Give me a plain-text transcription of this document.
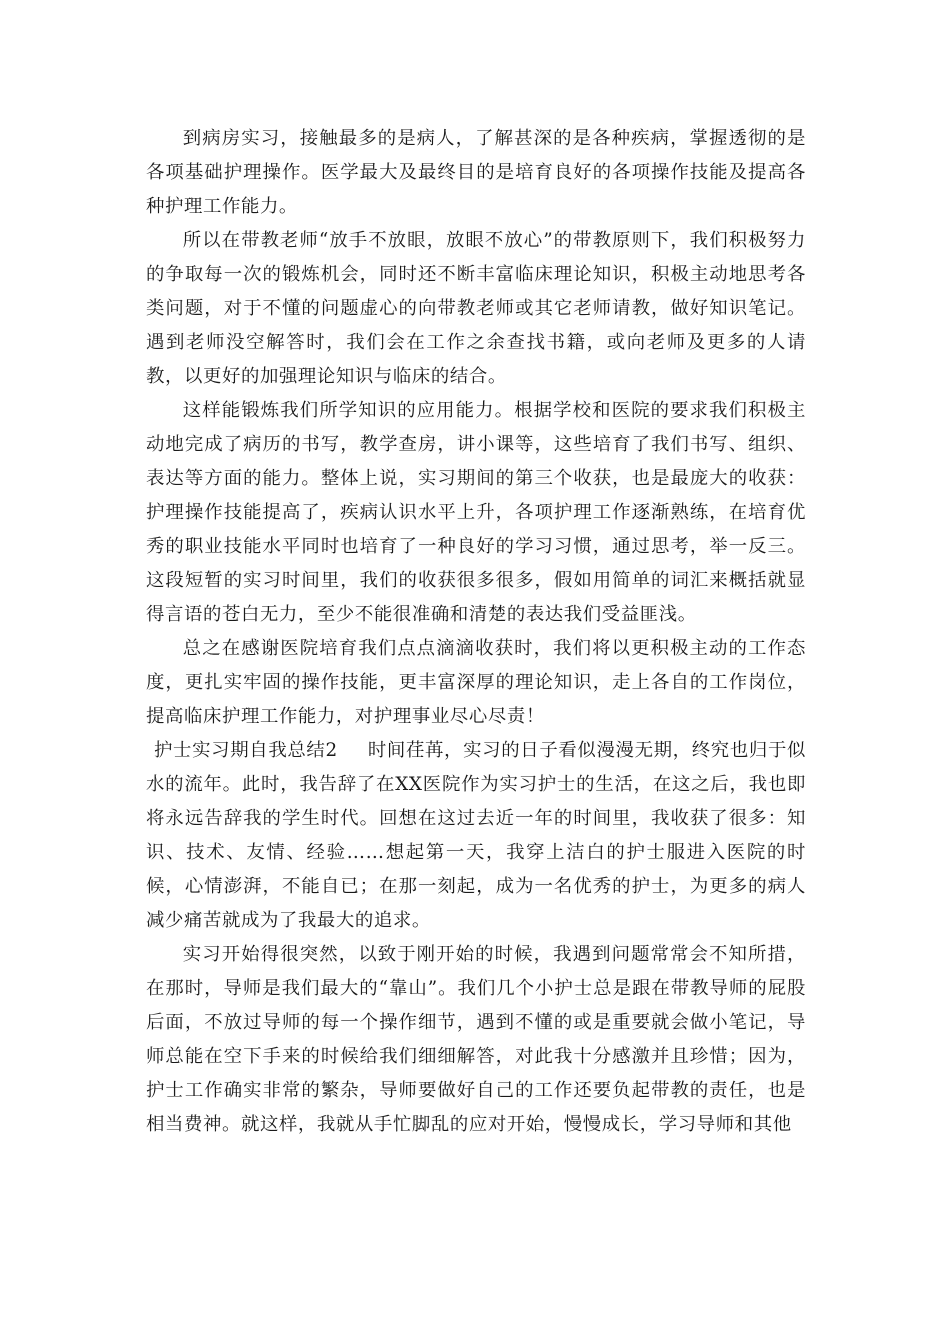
到病房实习，接触最多的是病人，了解甚深的是各种疾病，掌握透彻的是各项基础护理操作。医学最大及最终目的是培育良好的各项操作技能及提高各种护理工作能力。

所以在带教老师“放手不放眼，放眼不放心”的带教原则下，我们积极努力的争取每一次的锻炼机会，同时还不断丰富临床理论知识，积极主动地思考各类问题，对于不懂的问题虚心的向带教老师或其它老师请教，做好知识笔记。遇到老师没空解答时，我们会在工作之余查找书籍，或向老师及更多的人请教，以更好的加强理论知识与临床的结合。

这样能锻炼我们所学知识的应用能力。根据学校和医院的要求我们积极主动地完成了病历的书写，教学查房，讲小课等，这些培育了我们书写、组织、表达等方面的能力。整体上说，实习期间的第三个收获，也是最庞大的收获：护理操作技能提高了，疾病认识水平上升，各项护理工作逐渐熟练，在培育优秀的职业技能水平同时也培育了一种良好的学习习惯，通过思考，举一反三。这段短暂的实习时间里，我们的收获很多很多，假如用简单的词汇来概括就显得言语的苍白无力，至少不能很准确和清楚的表达我们受益匪浅。

总之在感谢医院培育我们点点滴滴收获时，我们将以更积极主动的工作态度，更扎实牢固的操作技能，更丰富深厚的理论知识，走上各自的工作岗位，提高临床护理工作能力，对护理事业尽心尽责！

护士实习期自我总结2 时间荏苒，实习的日子看似漫漫无期，终究也归于似水的流年。此时，我告辞了在XX医院作为实习护士的生活，在这之后，我也即将永远告辞我的学生时代。回想在这过去近一年的时间里，我收获了很多：知识、技术、友情、经验……想起第一天，我穿上洁白的护士服进入医院的时候，心情澎湃，不能自已；在那一刻起，成为一名优秀的护士，为更多的病人减少痛苦就成为了我最大的追求。

实习开始得很突然，以致于刚开始的时候，我遇到问题常常会不知所措，在那时，导师是我们最大的“靠山”。我们几个小护士总是跟在带教导师的屁股后面，不放过导师的每一个操作细节，遇到不懂的或是重要就会做小笔记，导师总能在空下手来的时候给我们细细解答，对此我十分感激并且珍惜；因为，护士工作确实非常的繁杂，导师要做好自己的工作还要负起带教的责任，也是相当费神。就这样，我就从手忙脚乱的应对开始，慢慢成长，学习导师和其他
